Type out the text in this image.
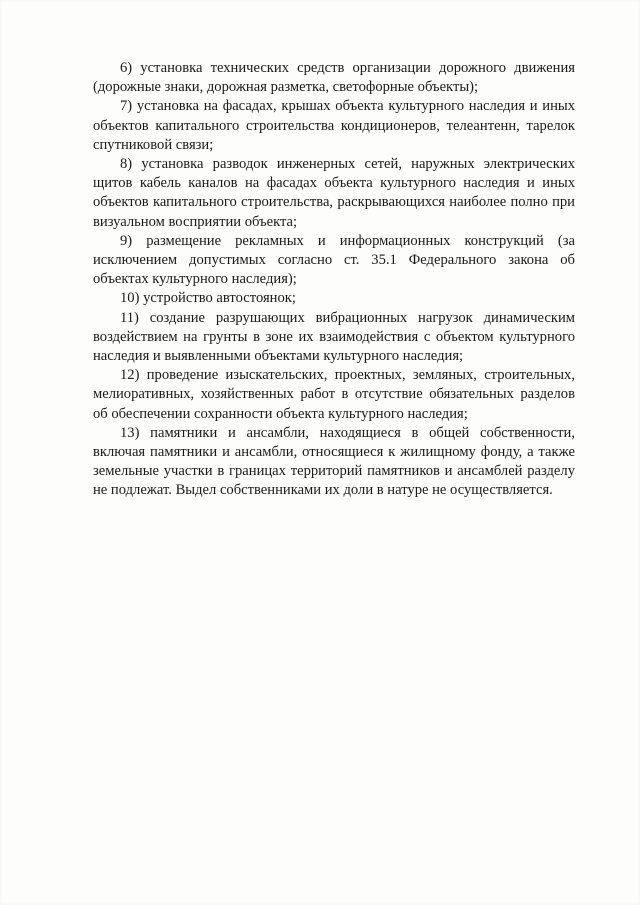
6) установка технических средств организации дорожного движения (дорожные знаки, дорожная разметка, светофорные объекты);

7) установка на фасадах, крышах объекта культурного наследия и иных объектов капитального строительства кондиционеров, телеантенн, тарелок спутниковой связи;

8) установка разводок инженерных сетей, наружных электрических щитов кабель каналов на фасадах объекта культурного наследия и иных объектов капитального строительства, раскрывающихся наиболее полно при визуальном восприятии объекта;

9) размещение рекламных и информационных конструкций (за исключением допустимых согласно ст. 35.1 Федерального закона об объектах культурного наследия);

10) устройство автостоянок;

11) создание разрушающих вибрационных нагрузок динамическим воздействием на грунты в зоне их взаимодействия с объектом культурного наследия и выявленными объектами культурного наследия;

12) проведение изыскательских, проектных, земляных, строительных, мелиоративных, хозяйственных работ в отсутствие обязательных разделов об обеспечении сохранности объекта культурного наследия;

13) памятники и ансамбли, находящиеся в общей собственности, включая памятники и ансамбли, относящиеся к жилищному фонду, а также земельные участки в границах территорий памятников и ансамблей разделу не подлежат. Выдел собственниками их доли в натуре не осуществляется.
